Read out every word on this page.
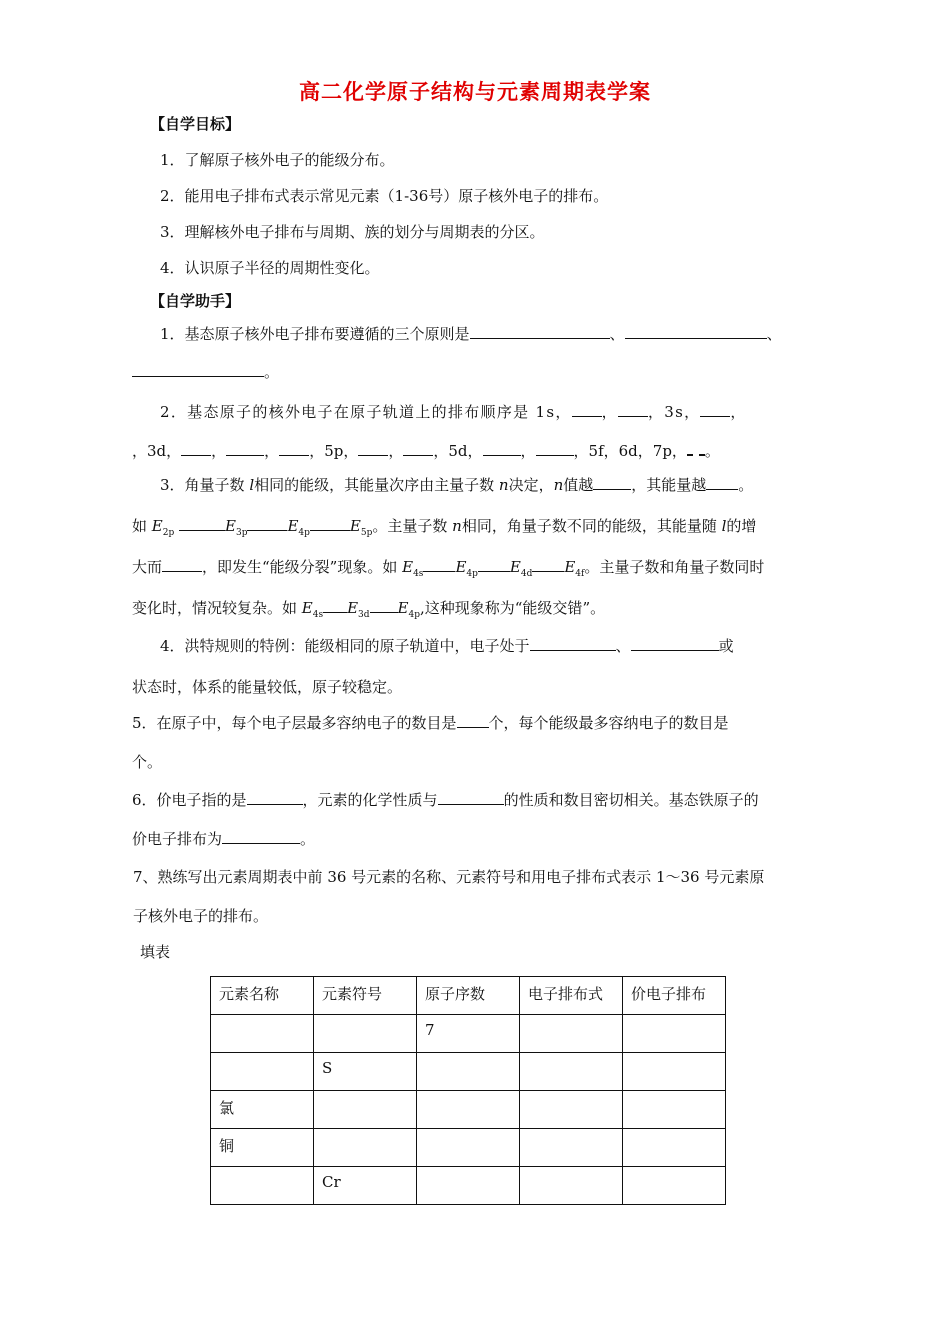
高二化学原子结构与元素周期表学案
【自学目标】
1．了解原子核外电子的能级分布。
2．能用电子排布式表示常见元素（1-36号）原子核外电子的排布。
3．理解核外电子排布与周期、族的划分与周期表的分区。
4．认识原子半径的周期性变化。
【自学助手】
1．基态原子核外电子排布要遵循的三个原则是	、	、
。
2．基态原子的核外电子在原子轨道上的排布顺序是 1s， ， ，3s， ，
，3d， ，	， ，5p， ， ，5d，	，	，5f，6d，7p， 。
3．角量子数 l相同的能级，其能量次序由主量子数 n决定，n值越	，其能量越 。
如 $E_{2p}$	$E_{3p}$	$E_{4p}$	$E_{5p}$。主量子数 n相同，角量子数不同的能级，其能量随 l的增
大而	，即发生“能级分裂”现象。如 $E_{4s}$ $E_{4p}$ $E_{4d}$ $E_{4f}$。主量子数和角量子数同时
变化时，情况较复杂。如 $E_{4s}$ $E_{3d}$ $E_{4p}$,这种现象称为“能级交错”。
4．洪特规则的特例：能级相同的原子轨道中，电子处于	、	或
状态时，体系的能量较低，原子较稳定。
5．在原子中，每个电子层最多容纳电子的数目是 个，每个能级最多容纳电子的数目是
个。
6．价电子指的是	，元素的化学性质与	的性质和数目密切相关。基态铁原子的
价电子排布为	。
7、熟练写出元素周期表中前 36 号元素的名称、元素符号和用电子排布式表示 1～36 号元素原
子核外电子的排布。
填表
元素名称	元素符号	原子序数	电子排布式	价电子排布

		7		

	S			

氯				

铜				

	Cr			
